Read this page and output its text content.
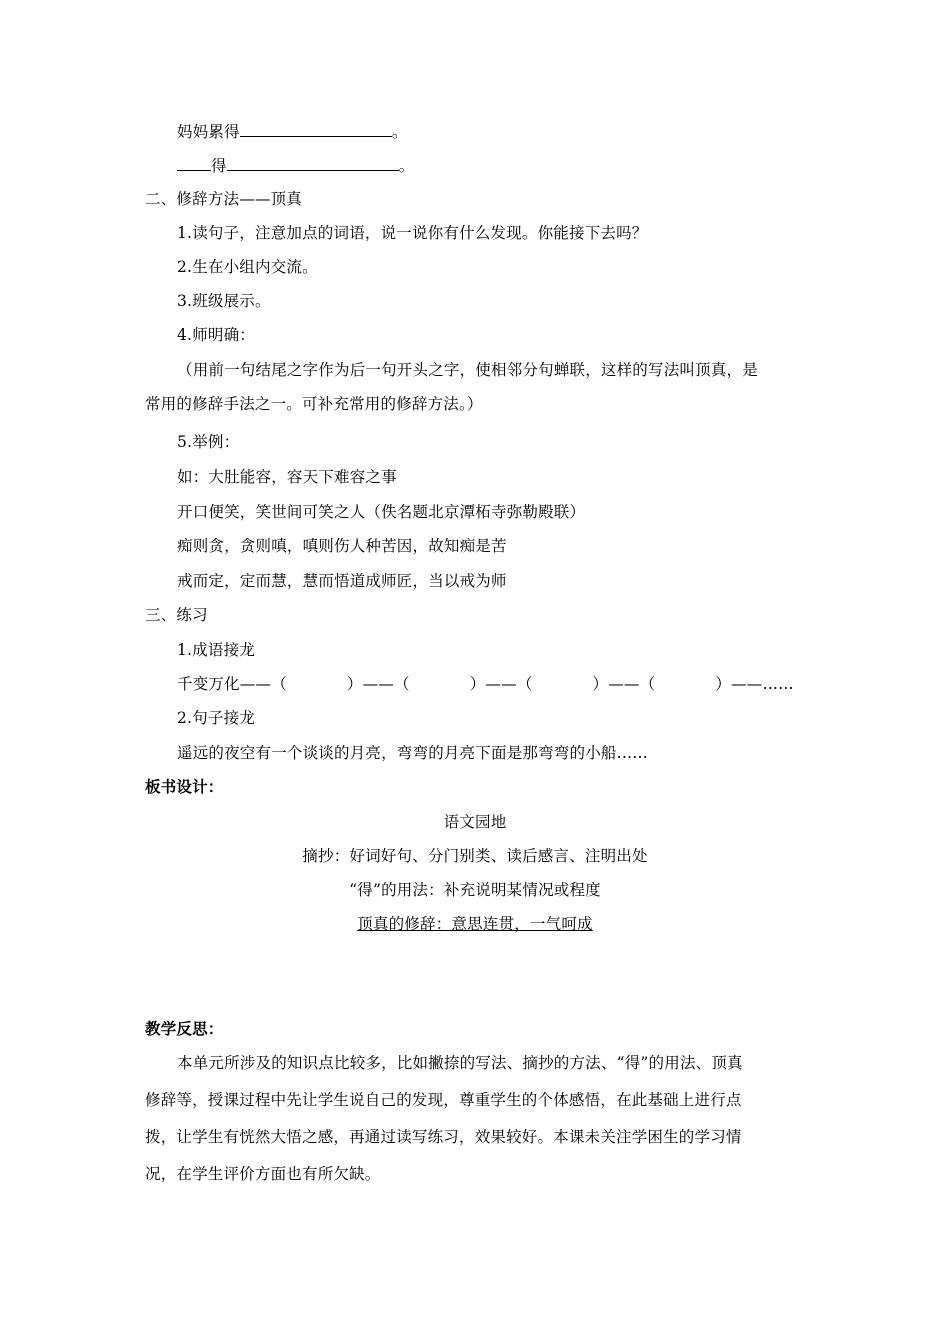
妈妈累得	。
得	。
二、修辞方法——顶真
1.读句子，注意加点的词语，说一说你有什么发现。你能接下去吗？
2.生在小组内交流。
3.班级展示。
4.师明确：
（用前一句结尾之字作为后一句开头之字，使相邻分句蝉联，这样的写法叫顶真，是
常用的修辞手法之一。可补充常用的修辞方法。）
5.举例：
如：大肚能容，容天下难容之事
开口便笑，笑世间可笑之人（佚名题北京潭柘寺弥勒殿联）
痴则贪，贪则嗔，嗔则伤人种苦因，故知痴是苦
戒而定，定而慧，慧而悟道成师匠，当以戒为师
三、练习
1.成语接龙
千变万化——（	）——（	）——（	）——（	）——……
2.句子接龙
遥远的夜空有一个谈谈的月亮，弯弯的月亮下面是那弯弯的小船……
板书设计：
语文园地
摘抄：好词好句、分门别类、读后感言、注明出处
“得”的用法：补充说明某情况或程度
顶真的修辞：意思连贯，一气呵成
教学反思：
本单元所涉及的知识点比较多，比如撇捺的写法、摘抄的方法、“得”的用法、顶真
修辞等，授课过程中先让学生说自己的发现，尊重学生的个体感悟，在此基础上进行点
拨，让学生有恍然大悟之感，再通过读写练习，效果较好。本课未关注学困生的学习情
况，在学生评价方面也有所欠缺。
